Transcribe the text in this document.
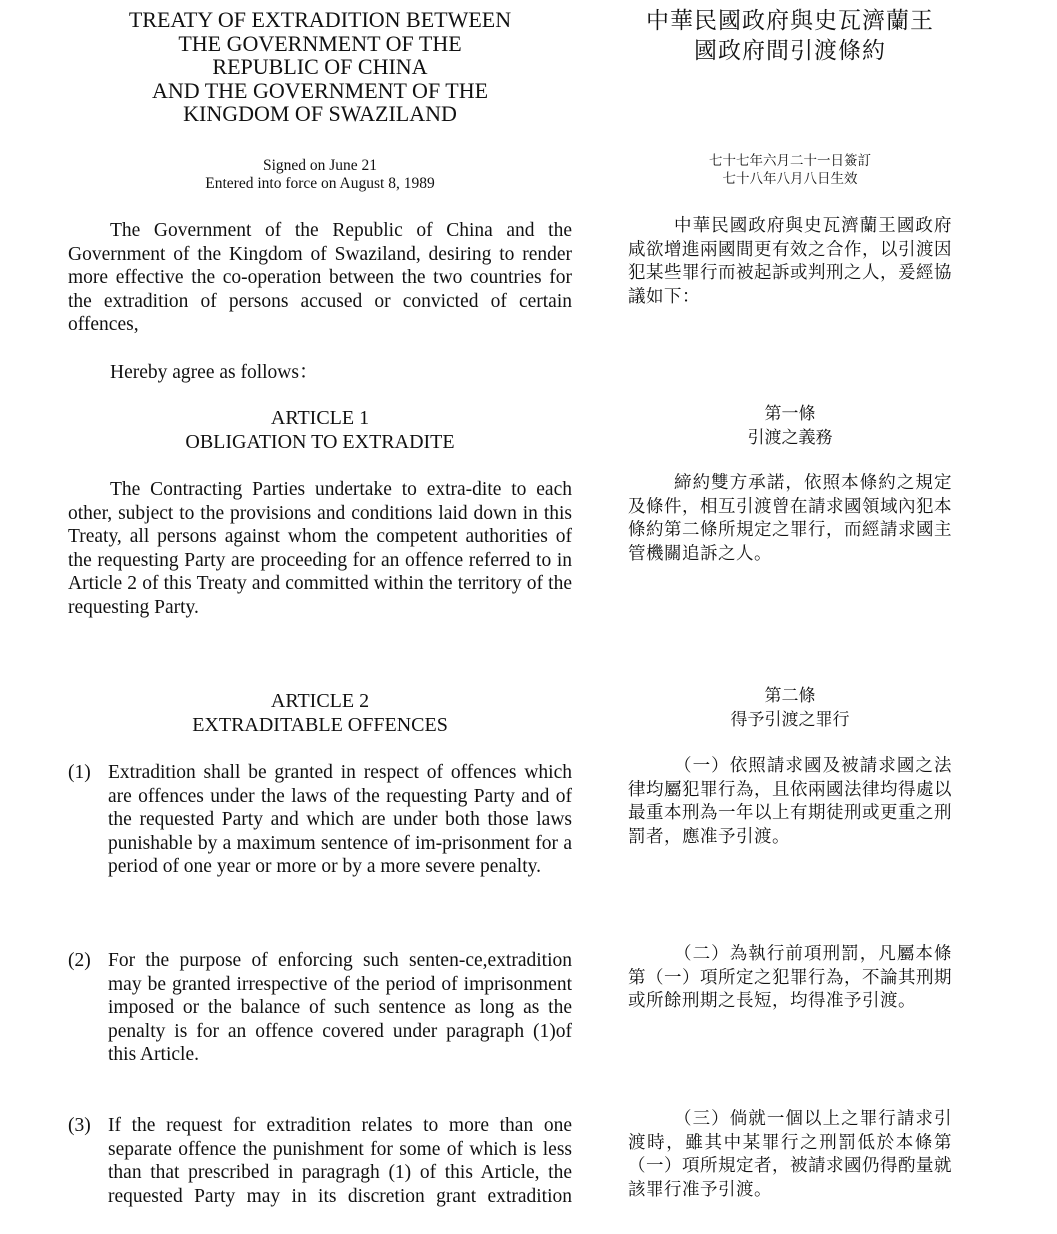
TREATY OF EXTRADITION BETWEEN
THE GOVERNMENT OF THE
REPUBLIC OF CHINA
AND THE GOVERNMENT OF THE
KINGDOM OF SWAZILAND
中華民國政府與史瓦濟蘭王
國政府間引渡條約
Signed on June 21
Entered into force on August 8, 1989
七十七年六月二十一日簽訂
七十八年八月八日生效

The Government of the Republic of China and the Government of the Kingdom of Swaziland, desiring to render more effective the co-operation between the two countries for the extradition of persons accused or convicted of certain offences,

中華民國政府與史瓦濟蘭王國政府咸欲增進兩國間更有效之合作，以引渡因犯某些罪行而被起訴或判刑之人，爰經協議如下：

Hereby agree as follows：

ARTICLE 1
OBLIGATION TO EXTRADITE
第一條
引渡之義務

The Contracting Parties undertake to extra-dite to each other, subject to the provisions and conditions laid down in this Treaty, all persons against whom the competent authorities of the requesting Party are proceeding for an offence referred to in Article 2 of this Treaty and committed within the territory of the requesting Party.

締約雙方承諾，依照本條約之規定及條件，相互引渡曾在請求國領域內犯本條約第二條所規定之罪行，而經請求國主管機關追訴之人。

ARTICLE 2
EXTRADITABLE OFFENCES
第二條
得予引渡之罪行
(1) Extradition shall be granted in respect of offences which are offences under the laws of the requesting Party and of the requested Party and which are under both those laws punishable by a maximum sentence of im-prisonment for a period of one year or more or by a more severe penalty.
(2) For the purpose of enforcing such senten-ce,extradition may be granted irrespective of the period of imprisonment imposed or the balance of such sentence as long as the penalty is for an offence covered under paragraph (1)of this Article.
(3) If the request for extradition relates to more than one separate offence the punishment for some of which is less than that prescribed in paragragh (1) of this Article, the requested Party may in its discretion grant extradition

（一）依照請求國及被請求國之法律均屬犯罪行為，且依兩國法律均得處以最重本刑為一年以上有期徒刑或更重之刑罰者，應准予引渡。

（二）為執行前項刑罰，凡屬本條第（一）項所定之犯罪行為，不論其刑期或所餘刑期之長短，均得准予引渡。

（三）倘就一個以上之罪行請求引渡時，雖其中某罪行之刑罰低於本條第（一）項所規定者，被請求國仍得酌量就該罪行准予引渡。
